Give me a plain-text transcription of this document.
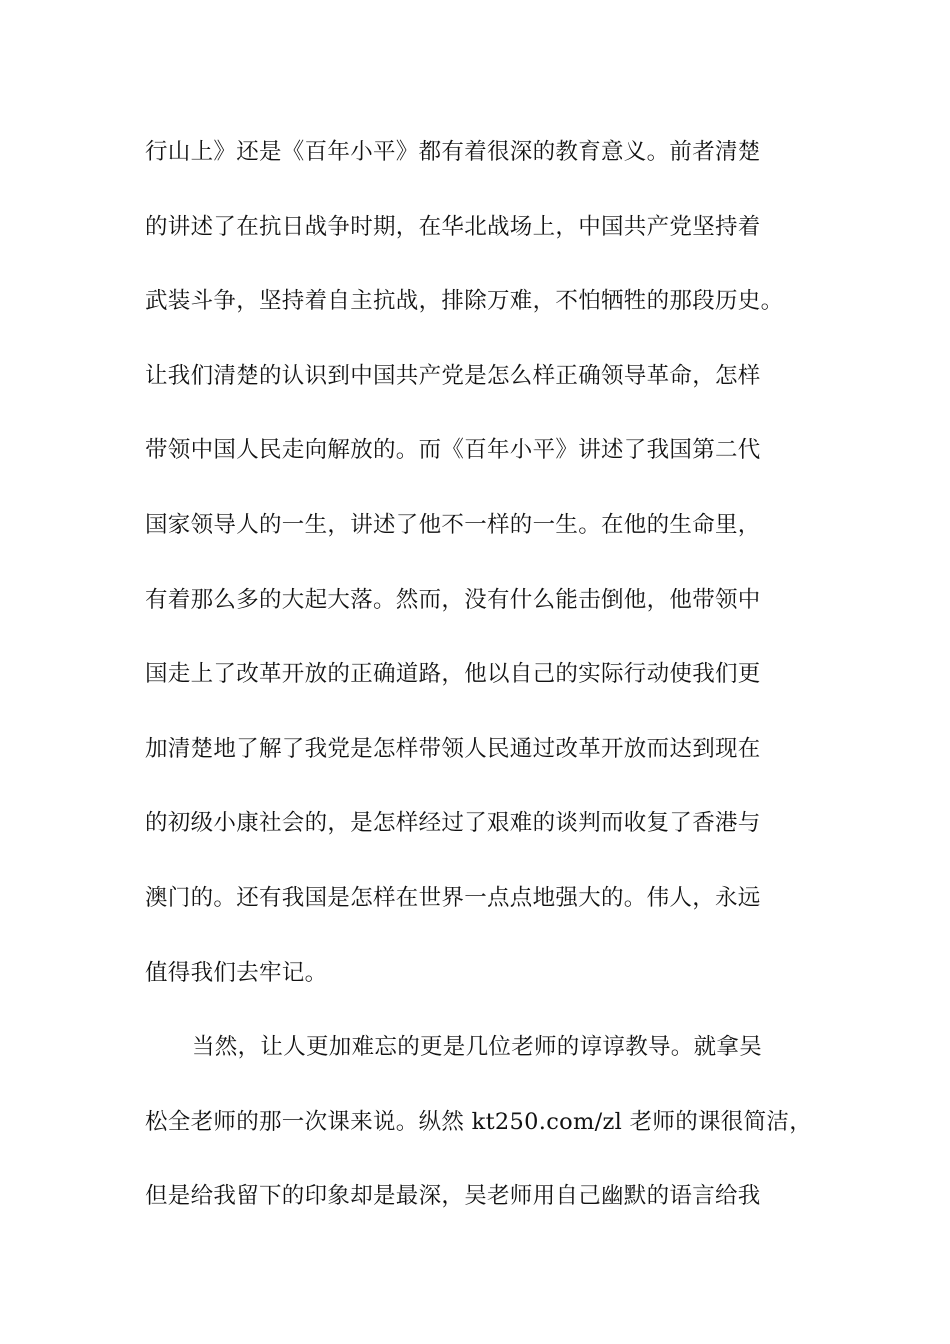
行山上》还是《百年小平》都有着很深的教育意义。前者清楚
的讲述了在抗日战争时期，在华北战场上，中国共产党坚持着
武装斗争，坚持着自主抗战，排除万难，不怕牺牲的那段历史。
让我们清楚的认识到中国共产党是怎么样正确领导革命，怎样
带领中国人民走向解放的。而《百年小平》讲述了我国第二代
国家领导人的一生，讲述了他不一样的一生。在他的生命里，
有着那么多的大起大落。然而，没有什么能击倒他，他带领中
国走上了改革开放的正确道路，他以自己的实际行动使我们更
加清楚地了解了我党是怎样带领人民通过改革开放而达到现在
的初级小康社会的，是怎样经过了艰难的谈判而收复了香港与
澳门的。还有我国是怎样在世界一点点地强大的。伟人，永远
值得我们去牢记。
当然，让人更加难忘的更是几位老师的谆谆教导。就拿吴
松全老师的那一次课来说。纵然 kt250.com/zl 老师的课很简洁，
但是给我留下的印象却是最深，吴老师用自己幽默的语言给我
